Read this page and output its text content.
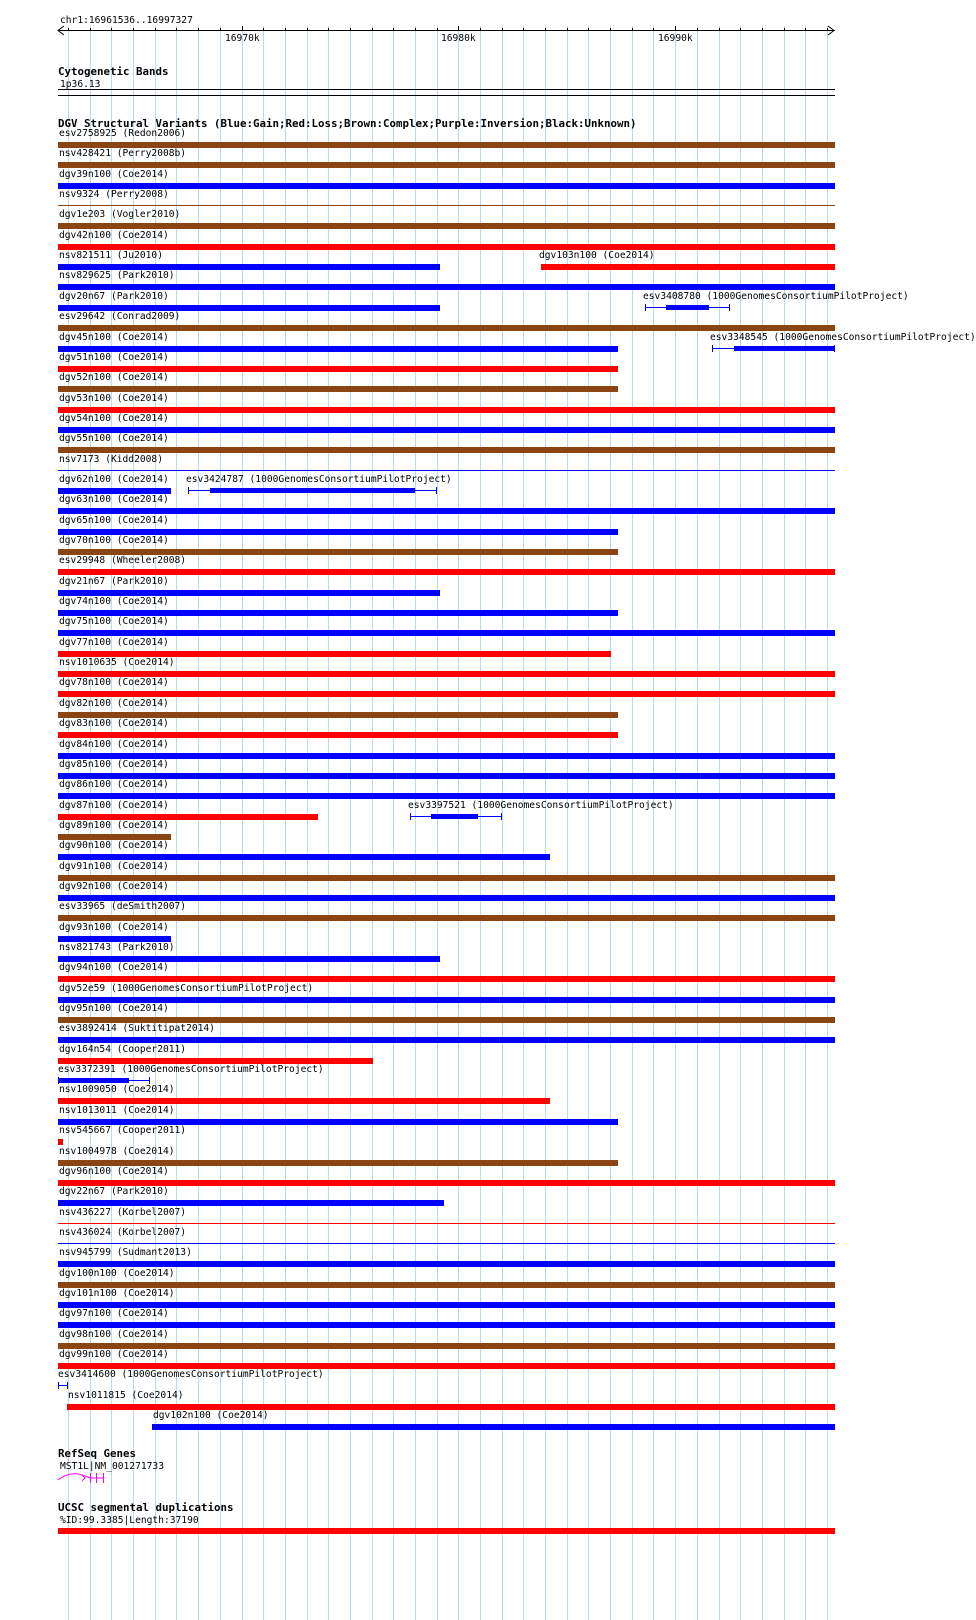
chr1:16961536..16997327
Cytogenetic Bands
1p36.13
DGV Structural Variants (Blue:Gain;Red:Loss;Brown:Complex;Purple:Inversion;Black:Unknown)
RefSeq Genes
MST1L|NM_001271733
UCSC segmental duplications
%ID:99.3385|Length:37190
16970k	16980k	16990k
esv2758925 (Redon2006)
nsv428421 (Perry2008b)
dgv39n100 (Coe2014)
nsv9324 (Perry2008)
dgv1e203 (Vogler2010)
dgv42n100 (Coe2014)
nsv821511 (Ju2010)	dgv103n100 (Coe2014)
nsv829625 (Park2010)
dgv20n67 (Park2010)	esv3408780 (1000GenomesConsortiumPilotProject)
esv29642 (Conrad2009)
dgv45n100 (Coe2014)	esv3348545 (1000GenomesConsortiumPilotProject)
dgv51n100 (Coe2014)
dgv52n100 (Coe2014)
dgv53n100 (Coe2014)
dgv54n100 (Coe2014)
dgv55n100 (Coe2014)
nsv7173 (Kidd2008)
dgv62n100 (Coe2014) esv3424787 (1000GenomesConsortiumPilotProject)
dgv63n100 (Coe2014)
dgv65n100 (Coe2014)
dgv70n100 (Coe2014)
esv29948 (Wheeler2008)
dgv21n67 (Park2010)
dgv74n100 (Coe2014)
dgv75n100 (Coe2014)
dgv77n100 (Coe2014)
nsv1010635 (Coe2014)
dgv78n100 (Coe2014)
dgv82n100 (Coe2014)
dgv83n100 (Coe2014)
dgv84n100 (Coe2014)
dgv85n100 (Coe2014)
dgv86n100 (Coe2014)
dgv87n100 (Coe2014)	esv3397521 (1000GenomesConsortiumPilotProject)
dgv89n100 (Coe2014)
dgv90n100 (Coe2014)
dgv91n100 (Coe2014)
dgv92n100 (Coe2014)
esv33965 (deSmith2007)
dgv93n100 (Coe2014)
nsv821743 (Park2010)
dgv94n100 (Coe2014)
dgv52e59 (1000GenomesConsortiumPilotProject)
dgv95n100 (Coe2014)
esv3892414 (Suktitipat2014)
dgv164n54 (Cooper2011)
esv3372391 (1000GenomesConsortiumPilotProject)
nsv1009050 (Coe2014)
nsv1013011 (Coe2014)
nsv545667 (Cooper2011)
nsv1004978 (Coe2014)
dgv96n100 (Coe2014)
dgv22n67 (Park2010)
nsv436227 (Korbel2007)
nsv436024 (Korbel2007)
nsv945799 (Sudmant2013)
dgv100n100 (Coe2014)
dgv101n100 (Coe2014)
dgv97n100 (Coe2014)
dgv98n100 (Coe2014)
dgv99n100 (Coe2014)
esv3414600 (1000GenomesConsortiumPilotProject)
nsv1011815 (Coe2014)
dgv102n100 (Coe2014)
